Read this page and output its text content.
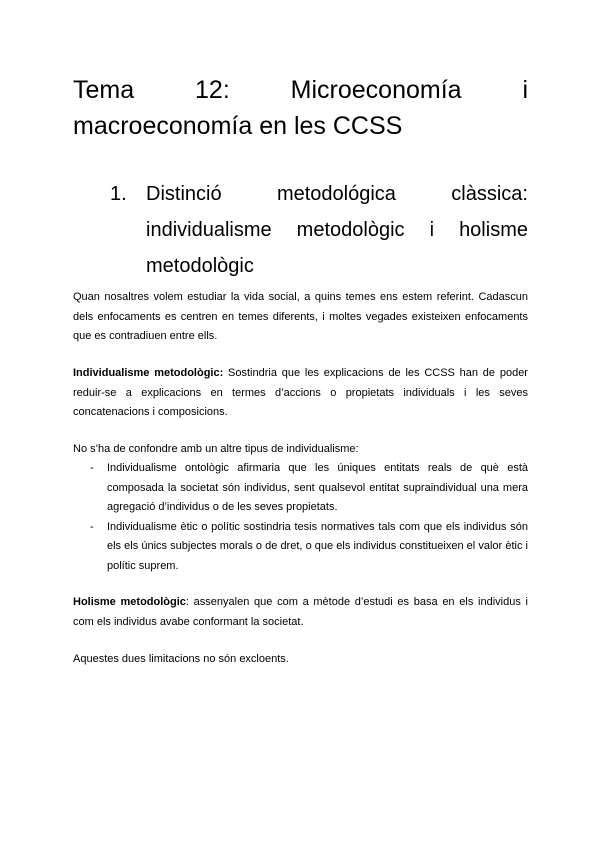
Tema 12: Microeconomía i
macroeconomía en les CCSS
1. Distinció	metodológica	clàssica:
individualisme metodològic i holisme
metodològic

Quan nosaltres volem estudiar la vida social, a quins temes ens estem referint. Cadascun dels enfocaments es centren en temes diferents, i moltes vegades existeixen enfocaments que es contradiuen entre ells.

Individualisme metodològic: Sostindria que les explicacions de les CCSS han de poder reduir-se a explicacions en termes d’accions o propietats individuals i les seves concatenacions i composicions.

No s’ha de confondre amb un altre tipus de individualisme:

- Individualisme ontològic afirmaria que les úniques entitats reals de què està composada la societat són individus, sent qualsevol entitat supraindividual una mera agregació d’individus o de les seves propietats.
- Individualisme ètic o polític sostindria tesis normatives tals com que els individus són els els únics subjectes morals o de dret, o que els individus constitueixen el valor ètic i polític suprem.

Holisme metodològic: assenyalen que com a mètode d’estudi es basa en els individus i com els individus avabe conformant la societat.

Aquestes dues limitacions no són excloents.
